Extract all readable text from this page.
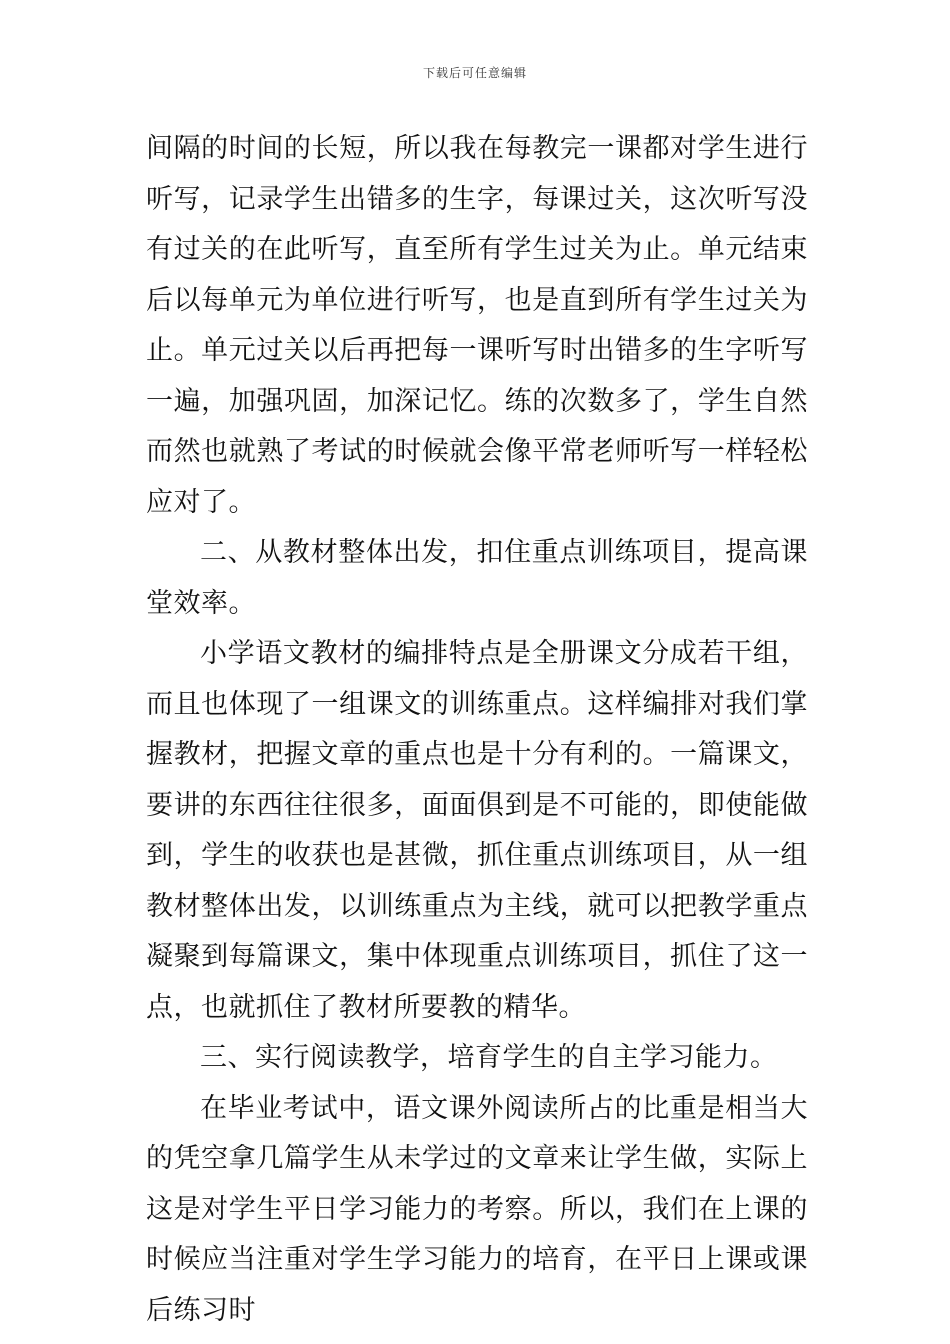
下载后可任意编辑

间隔的时间的长短，所以我在每教完一课都对学生进行听写，记录学生出错多的生字，每课过关，这次听写没有过关的在此听写，直至所有学生过关为止。单元结束后以每单元为单位进行听写，也是直到所有学生过关为止。单元过关以后再把每一课听写时出错多的生字听写一遍，加强巩固，加深记忆。练的次数多了，学生自然而然也就熟了考试的时候就会像平常老师听写一样轻松应对了。

二、从教材整体出发，扣住重点训练项目，提高课堂效率。

小学语文教材的编排特点是全册课文分成若干组，而且也体现了一组课文的训练重点。这样编排对我们掌握教材，把握文章的重点也是十分有利的。一篇课文，要讲的东西往往很多，面面俱到是不可能的，即使能做到，学生的收获也是甚微，抓住重点训练项目，从一组教材整体出发，以训练重点为主线，就可以把教学重点凝聚到每篇课文，集中体现重点训练项目，抓住了这一点，也就抓住了教材所要教的精华。

三、实行阅读教学，培育学生的自主学习能力。

在毕业考试中，语文课外阅读所占的比重是相当大的凭空拿几篇学生从未学过的文章来让学生做，实际上这是对学生平日学习能力的考察。所以，我们在上课的时候应当注重对学生学习能力的培育，在平日上课或课后练习时
